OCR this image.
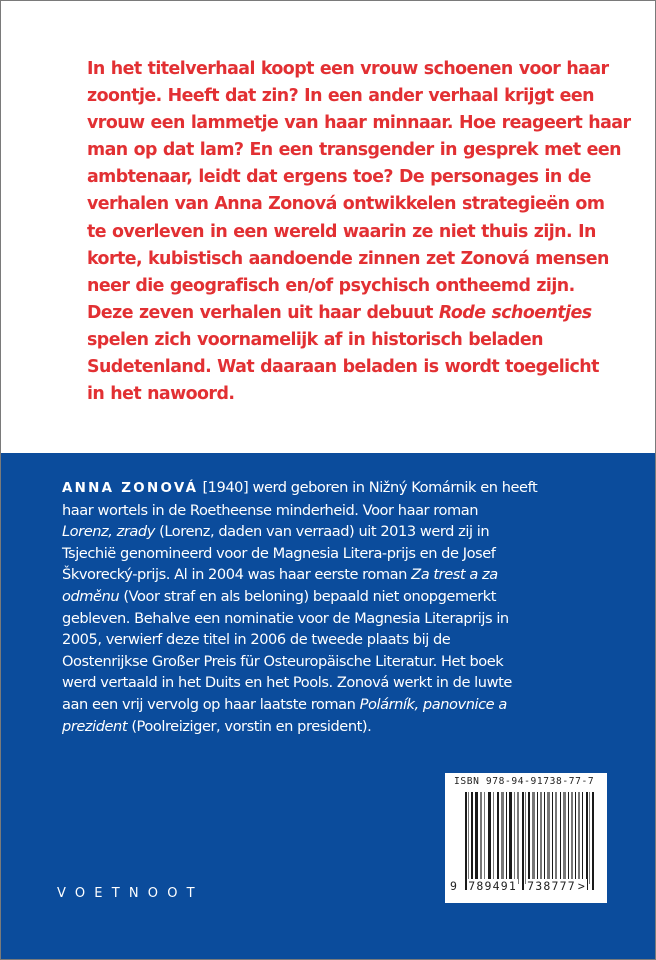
In het titelverhaal koopt een vrouw schoenen voor haar
zoontje. Heeft dat zin? In een ander verhaal krijgt een
vrouw een lammetje van haar minnaar. Hoe reageert haar
man op dat lam? En een transgender in gesprek met een
ambtenaar, leidt dat ergens toe? De personages in de
verhalen van Anna Zonová ontwikkelen strategieën om
te overleven in een wereld waarin ze niet thuis zijn. In
korte, kubistisch aandoende zinnen zet Zonová mensen
neer die geografisch en/of psychisch ontheemd zijn.
Deze zeven verhalen uit haar debuut Rode schoentjes
spelen zich voornamelijk af in historisch beladen
Sudetenland. Wat daaraan beladen is wordt toegelicht
in het nawoord.
ANNA ZONOVÁ [1940] werd geboren in Nižný Komárnik en heeft
haar wortels in de Roetheense minderheid. Voor haar roman
Lorenz, zrady (Lorenz, daden van verraad) uit 2013 werd zij in
Tsjechië genomineerd voor de Magnesia Litera-prijs en de Josef
Škvorecký-prijs. Al in 2004 was haar eerste roman Za trest a za
odměnu (Voor straf en als beloning) bepaald niet onopgemerkt
gebleven. Behalve een nominatie voor de Magnesia Literaprijs in
2005, verwierf deze titel in 2006 de tweede plaats bij de
Oostenrijkse Großer Preis für Osteuropäische Literatur. Het boek
werd vertaald in het Duits en het Pools. Zonová werkt in de luwte
aan een vrij vervolg op haar laatste roman Polárník, panovnice a
prezident (Poolreiziger, vorstin en president).
ISBN 978-94-91738-77-7
9 789491 738777 >
VOETNOOT
